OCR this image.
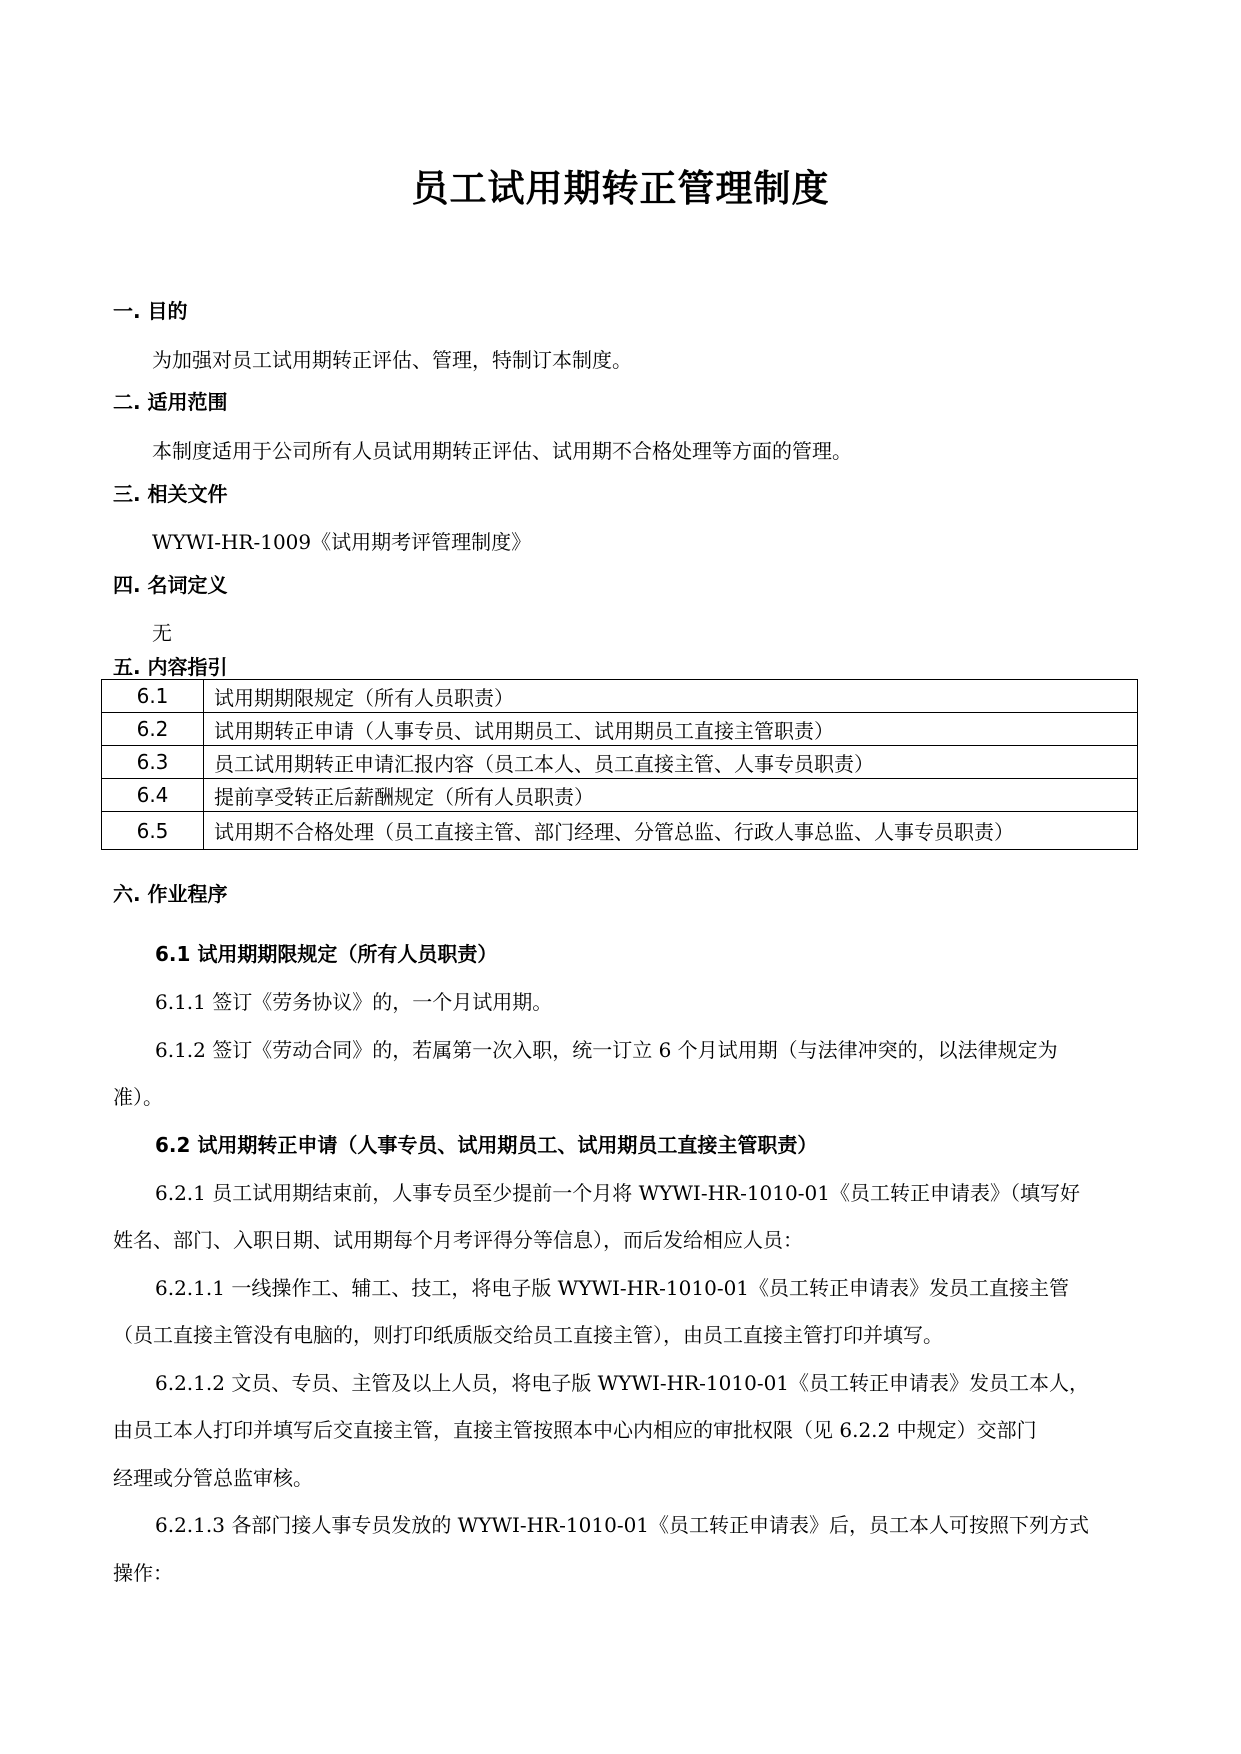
员工试用期转正管理制度
一. 目的
为加强对员工试用期转正评估、管理，特制订本制度。
二. 适用范围
本制度适用于公司所有人员试用期转正评估、试用期不合格处理等方面的管理。
三. 相关文件
WYWI-HR-1009《试用期考评管理制度》
四. 名词定义
无
五. 内容指引
6.1	试用期期限规定（所有人员职责）
6.2	试用期转正申请（人事专员、试用期员工、试用期员工直接主管职责）
6.3	员工试用期转正申请汇报内容（员工本人、员工直接主管、人事专员职责）
6.4	提前享受转正后薪酬规定（所有人员职责）
6.5	试用期不合格处理（员工直接主管、部门经理、分管总监、行政人事总监、人事专员职责）
六. 作业程序
6.1 试用期期限规定（所有人员职责）
6.1.1 签订《劳务协议》的，一个月试用期。
6.1.2 签订《劳动合同》的，若属第一次入职，统一订立 6 个月试用期（与法律冲突的，以法律规定为
准）。
6.2 试用期转正申请（人事专员、试用期员工、试用期员工直接主管职责）
6.2.1 员工试用期结束前，人事专员至少提前一个月将 WYWI-HR-1010-01《员工转正申请表》（填写好
姓名、部门、入职日期、试用期每个月考评得分等信息），而后发给相应人员：
6.2.1.1 一线操作工、辅工、技工，将电子版 WYWI-HR-1010-01《员工转正申请表》发员工直接主管
（员工直接主管没有电脑的，则打印纸质版交给员工直接主管），由员工直接主管打印并填写。
6.2.1.2 文员、专员、主管及以上人员，将电子版 WYWI-HR-1010-01《员工转正申请表》发员工本人，
由员工本人打印并填写后交直接主管，直接主管按照本中心内相应的审批权限（见 6.2.2 中规定）交部门
经理或分管总监审核。
6.2.1.3 各部门接人事专员发放的 WYWI-HR-1010-01《员工转正申请表》后，员工本人可按照下列方式
操作：
